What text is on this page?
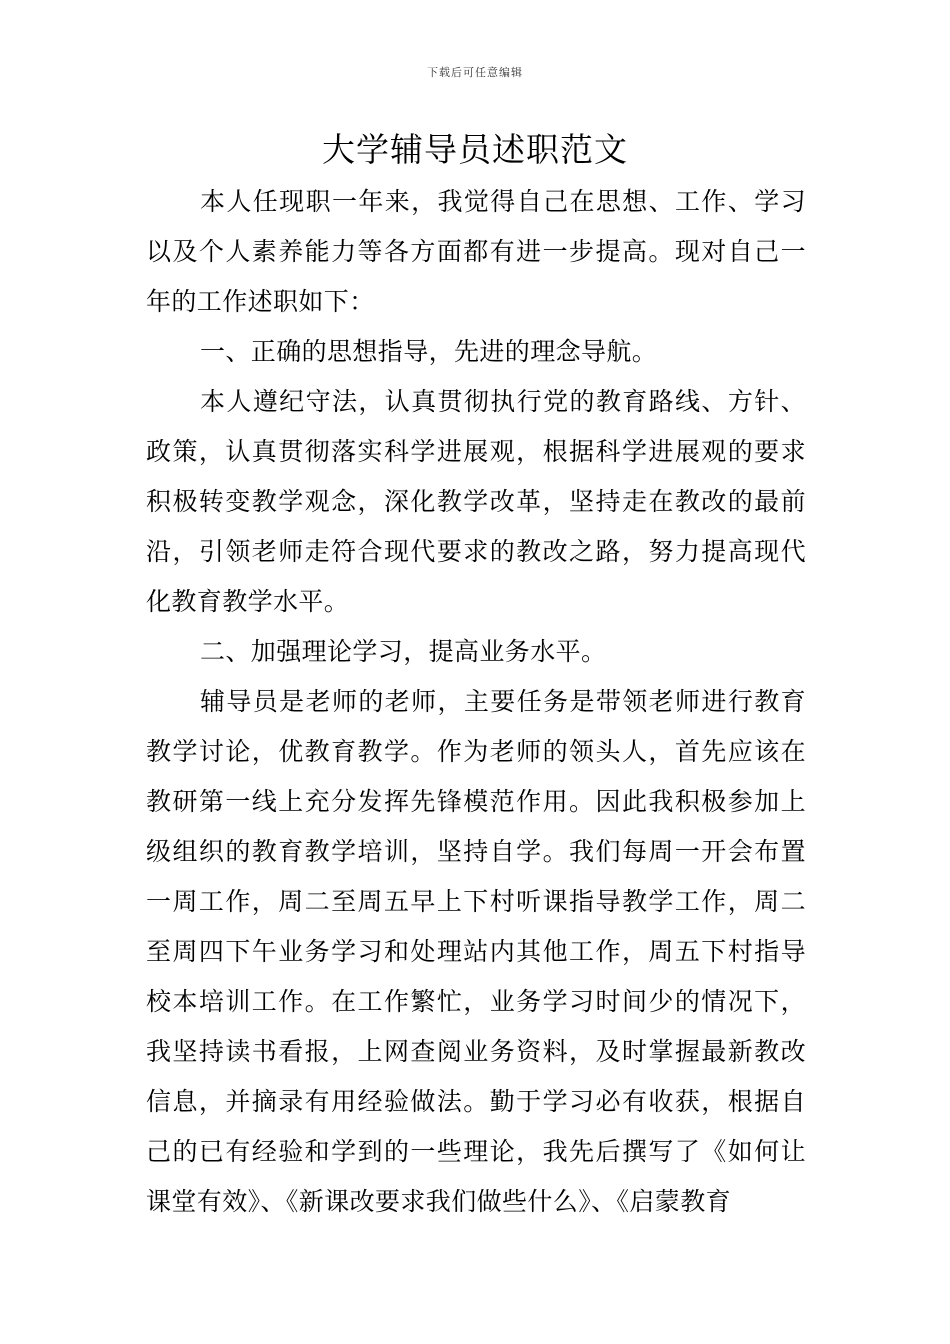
下载后可任意编辑
大学辅导员述职范文

本人任现职一年来，我觉得自己在思想、工作、学习以及个人素养能力等各方面都有进一步提高。现对自己一年的工作述职如下：

一、正确的思想指导，先进的理念导航。

本人遵纪守法，认真贯彻执行党的教育路线、方针、政策，认真贯彻落实科学进展观，根据科学进展观的要求积极转变教学观念，深化教学改革，坚持走在教改的最前沿，引领老师走符合现代要求的教改之路，努力提高现代化教育教学水平。

二、加强理论学习，提高业务水平。

辅导员是老师的老师，主要任务是带领老师进行教育教学讨论，优教育教学。作为老师的领头人，首先应该在教研第一线上充分发挥先锋模范作用。因此我积极参加上级组织的教育教学培训，坚持自学。我们每周一开会布置一周工作，周二至周五早上下村听课指导教学工作，周二至周四下午业务学习和处理站内其他工作，周五下村指导校本培训工作。在工作繁忙，业务学习时间少的情况下，我坚持读书看报，上网查阅业务资料，及时掌握最新教改信息，并摘录有用经验做法。勤于学习必有收获，根据自己的已有经验和学到的一些理论，我先后撰写了《如何让课堂有效》、《新课改要求我们做些什么》、《启蒙教育
